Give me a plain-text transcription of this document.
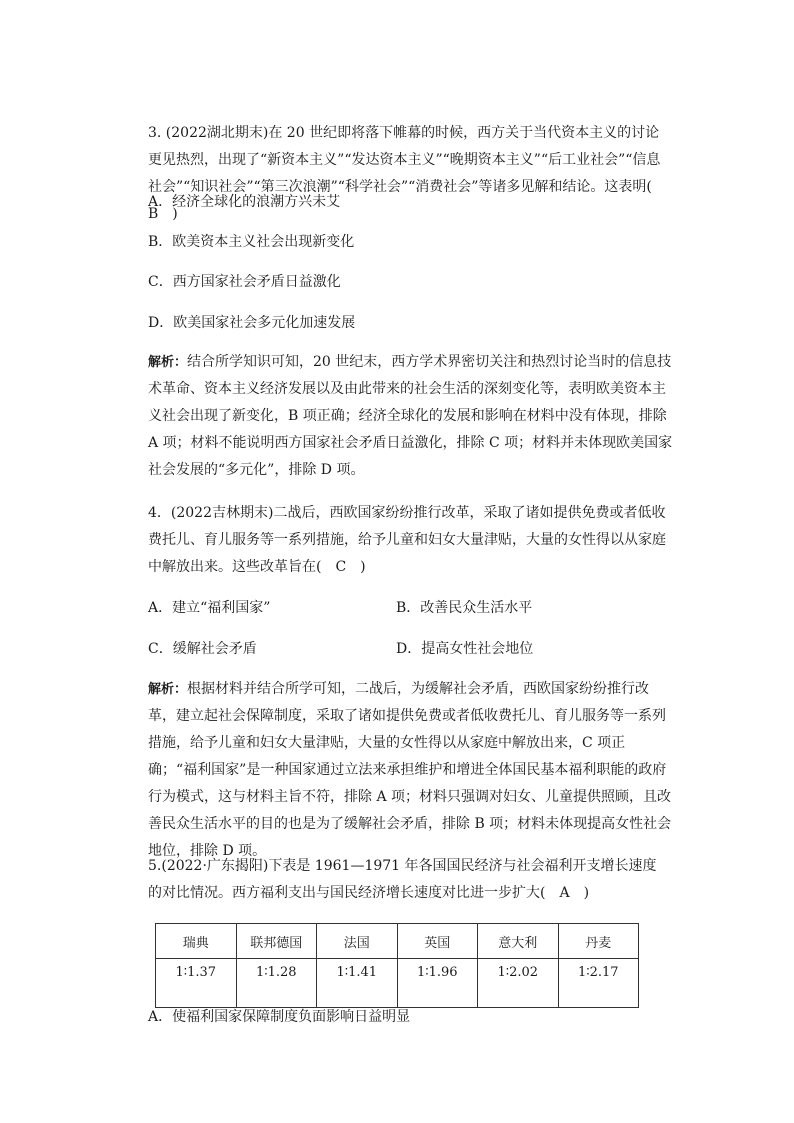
3. (2022湖北期末)在 20 世纪即将落下帷幕的时候，西方关于当代资本主义的讨论更见热烈，出现了“新资本主义”“发达资本主义”“晚期资本主义”“后工业社会”“信息社会”“知识社会”“第三次浪潮”“科学社会”“消费社会”等诸多见解和结论。这表明(　B　)
A．经济全球化的浪潮方兴未艾
B．欧美资本主义社会出现新变化
C．西方国家社会矛盾日益激化
D．欧美国家社会多元化加速发展
解析：结合所学知识可知，20 世纪末，西方学术界密切关注和热烈讨论当时的信息技术革命、资本主义经济发展以及由此带来的社会生活的深刻变化等，表明欧美资本主义社会出现了新变化，B 项正确；经济全球化的发展和影响在材料中没有体现，排除 A 项；材料不能说明西方国家社会矛盾日益激化，排除 C 项；材料并未体现欧美国家社会发展的“多元化”，排除 D 项。
4．(2022吉林期末)二战后，西欧国家纷纷推行改革，采取了诸如提供免费或者低收费托儿、育儿服务等一系列措施，给予儿童和妇女大量津贴，大量的女性得以从家庭中解放出来。这些改革旨在(　C　)
A．建立“福利国家”	B．改善民众生活水平
C．缓解社会矛盾	D．提高女性社会地位
解析：根据材料并结合所学可知，二战后，为缓解社会矛盾，西欧国家纷纷推行改革，建立起社会保障制度，采取了诸如提供免费或者低收费托儿、育儿服务等一系列措施，给予儿童和妇女大量津贴，大量的女性得以从家庭中解放出来，C 项正确；“福利国家”是一种国家通过立法来承担维护和增进全体国民基本福利职能的政府行为模式，这与材料主旨不符，排除 A 项；材料只强调对妇女、儿童提供照顾，且改善民众生活水平的目的也是为了缓解社会矛盾，排除 B 项；材料未体现提高女性社会地位，排除 D 项。
5.(2022·广东揭阳)下表是 1961—1971 年各国国民经济与社会福利开支增长速度的对比情况。西方福利支出与国民经济增长速度对比进一步扩大(　A　)
瑞典	联邦德国	法国	英国	意大利	丹麦
1∶1.37	1∶1.28	1∶1.41	1∶1.96	1∶2.02	1∶2.17
A．使福利国家保障制度负面影响日益明显
